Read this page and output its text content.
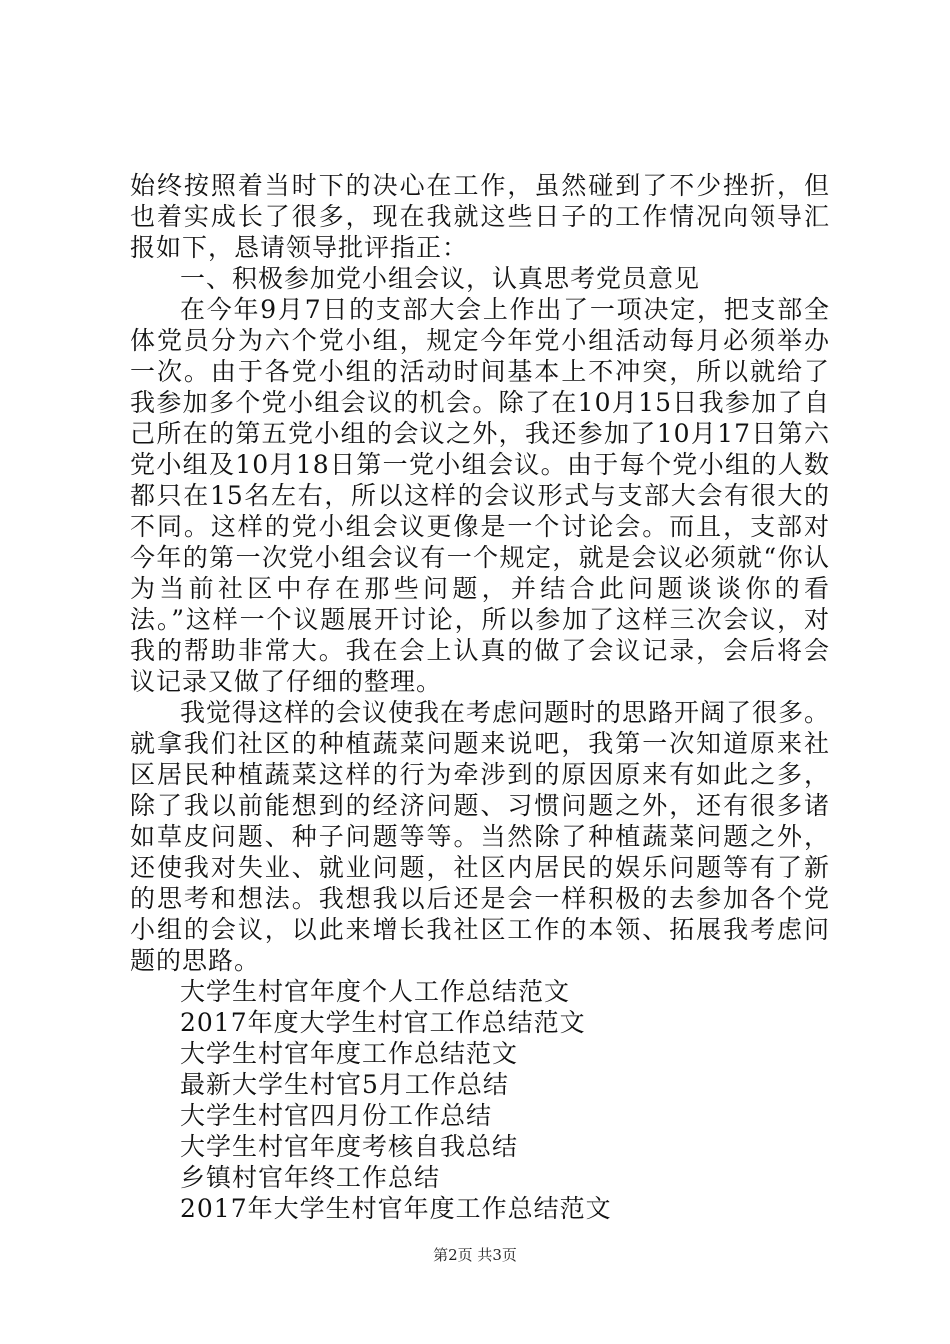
始终按照着当时下的决心在工作，虽然碰到了不少挫折，但也着实成长了很多，现在我就这些日子的工作情况向领导汇报如下，恳请领导批评指正：

一、积极参加党小组会议，认真思考党员意见

在今年9月7日的支部大会上作出了一项决定，把支部全体党员分为六个党小组，规定今年党小组活动每月必须举办一次。由于各党小组的活动时间基本上不冲突，所以就给了我参加多个党小组会议的机会。除了在10月15日我参加了自己所在的第五党小组的会议之外，我还参加了10月17日第六党小组及10月18日第一党小组会议。由于每个党小组的人数都只在15名左右，所以这样的会议形式与支部大会有很大的不同。这样的党小组会议更像是一个讨论会。而且，支部对今年的第一次党小组会议有一个规定，就是会议必须就“你认为当前社区中存在那些问题，并结合此问题谈谈你的看法。”这样一个议题展开讨论，所以参加了这样三次会议，对我的帮助非常大。我在会上认真的做了会议记录，会后将会议记录又做了仔细的整理。

我觉得这样的会议使我在考虑问题时的思路开阔了很多。就拿我们社区的种植蔬菜问题来说吧，我第一次知道原来社区居民种植蔬菜这样的行为牵涉到的原因原来有如此之多，除了我以前能想到的经济问题、习惯问题之外，还有很多诸如草皮问题、种子问题等等。当然除了种植蔬菜问题之外，还使我对失业、就业问题，社区内居民的娱乐问题等有了新的思考和想法。我想我以后还是会一样积极的去参加各个党小组的会议，以此来增长我社区工作的本领、拓展我考虑问题的思路。

大学生村官年度个人工作总结范文
2017年度大学生村官工作总结范文
大学生村官年度工作总结范文
最新大学生村官5月工作总结
大学生村官四月份工作总结
大学生村官年度考核自我总结
乡镇村官年终工作总结
2017年大学生村官年度工作总结范文
第2页 共3页
